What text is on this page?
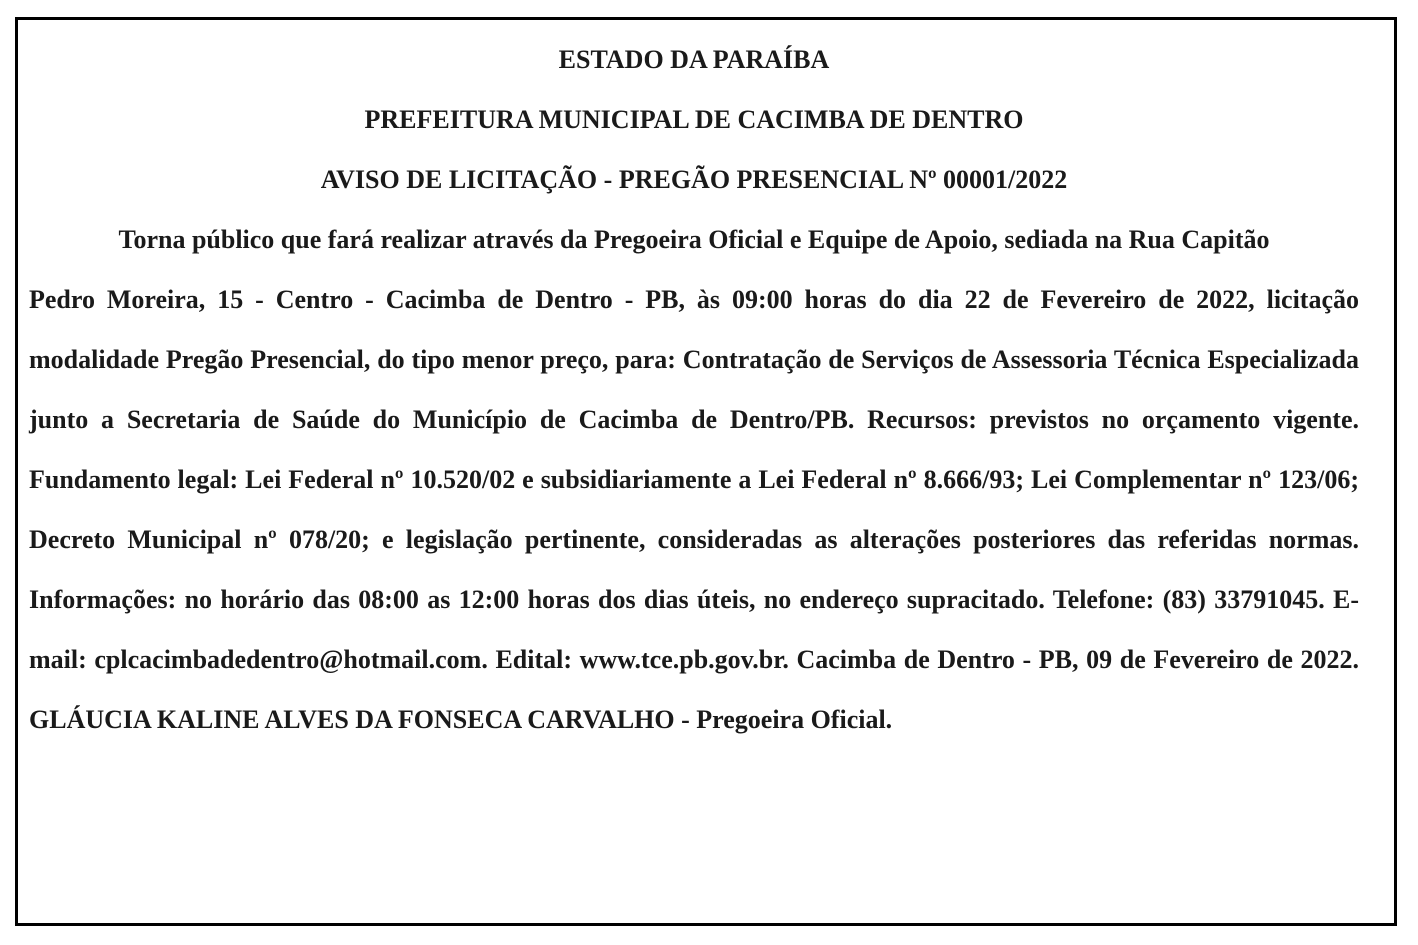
ESTADO DA PARAÍBA
PREFEITURA MUNICIPAL DE CACIMBA DE DENTRO
AVISO DE LICITAÇÃO - PREGÃO PRESENCIAL Nº 00001/2022

Torna público que fará realizar através da Pregoeira Oficial e Equipe de Apoio, sediada na Rua Capitão
Pedro Moreira, 15 - Centro - Cacimba de Dentro - PB, às 09:00 horas do dia 22 de Fevereiro de 2022, licitação modalidade Pregão Presencial, do tipo menor preço, para: Contratação de Serviços de Assessoria Técnica Especializada junto a Secretaria de Saúde do Município de Cacimba de Dentro/PB. Recursos: previstos no orçamento vigente. Fundamento legal: Lei Federal nº 10.520/02 e subsidiariamente a Lei Federal nº 8.666/93; Lei Complementar nº 123/06; Decreto Municipal nº 078/20; e legislação pertinente, consideradas as alterações posteriores das referidas normas. Informações: no horário das 08:00 as 12:00 horas dos dias úteis, no endereço supracitado. Telefone: (83) 33791045. E-mail: cplcacimbadedentro@hotmail.com. Edital: www.tce.pb.gov.br. Cacimba de Dentro - PB, 09 de Fevereiro de 2022. GLÁUCIA KALINE ALVES DA FONSECA CARVALHO - Pregoeira Oficial.
